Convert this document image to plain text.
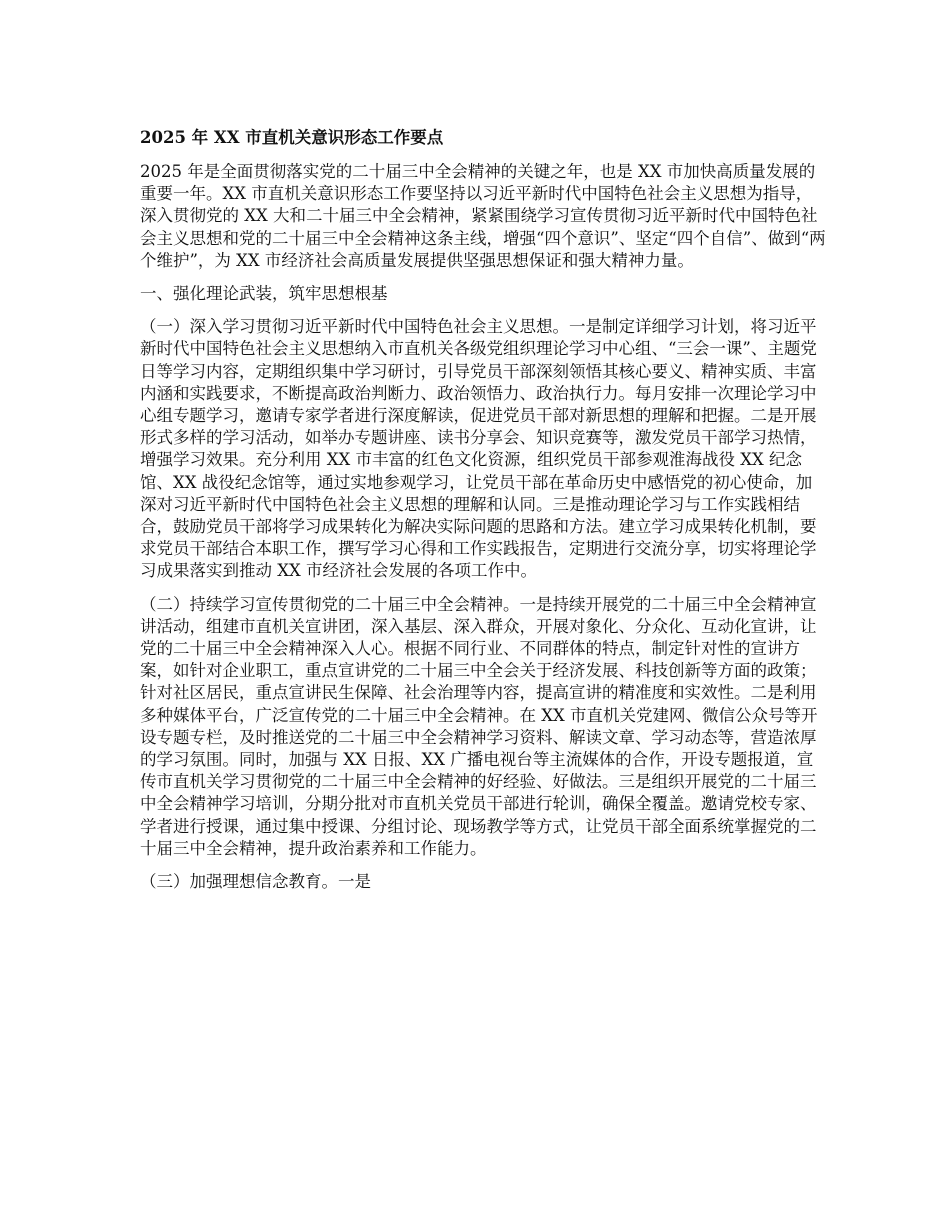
2025 年 XX 市直机关意识形态工作要点

2025 年是全面贯彻落实党的二十届三中全会精神的关键之年，也是 XX 市加快高质量发展的重要一年。XX 市直机关意识形态工作要坚持以习近平新时代中国特色社会主义思想为指导，深入贯彻党的 XX 大和二十届三中全会精神，紧紧围绕学习宣传贯彻习近平新时代中国特色社会主义思想和党的二十届三中全会精神这条主线，增强“四个意识”、坚定“四个自信”、做到“两个维护”，为 XX 市经济社会高质量发展提供坚强思想保证和强大精神力量。

一、强化理论武装，筑牢思想根基

（一）深入学习贯彻习近平新时代中国特色社会主义思想。一是制定详细学习计划，将习近平新时代中国特色社会主义思想纳入市直机关各级党组织理论学习中心组、“三会一课”、主题党日等学习内容，定期组织集中学习研讨，引导党员干部深刻领悟其核心要义、精神实质、丰富内涵和实践要求，不断提高政治判断力、政治领悟力、政治执行力。每月安排一次理论学习中心组专题学习，邀请专家学者进行深度解读，促进党员干部对新思想的理解和把握。二是开展形式多样的学习活动，如举办专题讲座、读书分享会、知识竞赛等，激发党员干部学习热情，增强学习效果。充分利用 XX 市丰富的红色文化资源，组织党员干部参观淮海战役 XX 纪念馆、XX 战役纪念馆等，通过实地参观学习，让党员干部在革命历史中感悟党的初心使命，加深对习近平新时代中国特色社会主义思想的理解和认同。三是推动理论学习与工作实践相结合，鼓励党员干部将学习成果转化为解决实际问题的思路和方法。建立学习成果转化机制，要求党员干部结合本职工作，撰写学习心得和工作实践报告，定期进行交流分享，切实将理论学习成果落实到推动 XX 市经济社会发展的各项工作中。

（二）持续学习宣传贯彻党的二十届三中全会精神。一是持续开展党的二十届三中全会精神宣讲活动，组建市直机关宣讲团，深入基层、深入群众，开展对象化、分众化、互动化宣讲，让党的二十届三中全会精神深入人心。根据不同行业、不同群体的特点，制定针对性的宣讲方案，如针对企业职工，重点宣讲党的二十届三中全会关于经济发展、科技创新等方面的政策；针对社区居民，重点宣讲民生保障、社会治理等内容，提高宣讲的精准度和实效性。二是利用多种媒体平台，广泛宣传党的二十届三中全会精神。在 XX 市直机关党建网、微信公众号等开设专题专栏，及时推送党的二十届三中全会精神学习资料、解读文章、学习动态等，营造浓厚的学习氛围。同时，加强与 XX 日报、XX 广播电视台等主流媒体的合作，开设专题报道，宣传市直机关学习贯彻党的二十届三中全会精神的好经验、好做法。三是组织开展党的二十届三中全会精神学习培训，分期分批对市直机关党员干部进行轮训，确保全覆盖。邀请党校专家、学者进行授课，通过集中授课、分组讨论、现场教学等方式，让党员干部全面系统掌握党的二十届三中全会精神，提升政治素养和工作能力。

（三）加强理想信念教育。一是
